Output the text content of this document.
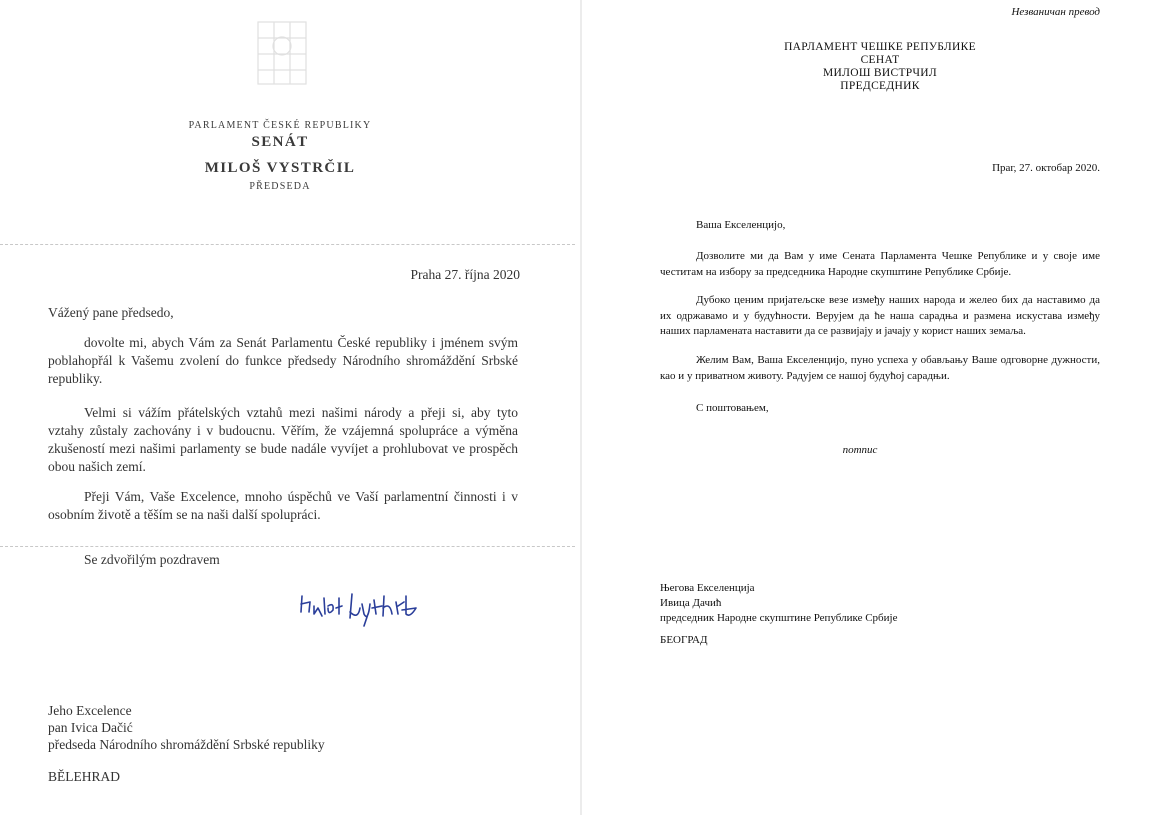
PARLAMENT ČESKÉ REPUBLIKY
SENÁT
MILOŠ VYSTRČIL
PŘEDSEDA
Praha 27. října 2020
Vážený pane předsedo,

dovolte mi, abych Vám za Senát Parlamentu České republiky i jménem svým poblahopřál k Vašemu zvolení do funkce předsedy Národního shromáždění Srbské republiky.

Velmi si vážím přátelských vztahů mezi našimi národy a přeji si, aby tyto vztahy zůstaly zachovány i v budoucnu. Věřím, že vzájemná spolupráce a výměna zkušeností mezi našimi parlamenty se bude nadále vyvíjet a prohlubovat ve prospěch obou našich zemí.

Přeji Vám, Vaše Excelence, mnoho úspěchů ve Vaší parlamentní činnosti i v osobním životě a těším se na naši další spolupráci.

Se zdvořilým pozdravem
Jeho Excelence
pan Ivica Dačić
předseda Národního shromáždění Srbské republiky
BĚLEHRAD
Незваничан превод
ПАРЛАМЕНТ ЧЕШКЕ РЕПУБЛИКЕ
СЕНАТ
МИЛОШ ВИСТРЧИЛ
ПРЕДСЕДНИК
Праг, 27. октобар 2020.
Ваша Екселенцијо,

Дозволите ми да Вам у име Сената Парламента Чешке Републике и у своје име честитам на избору за председника Народне скупштине Републике Србије.

Дубоко ценим пријатељске везе између наших народа и желео бих да наставимо да их одржавамо и у будућности. Верујем да ће наша сарадња и размена искустава између наших парламената наставити да се развијају и јачају у корист наших земаља.

Желим Вам, Ваша Екселенцијо, пуно успеха у обављању Ваше одговорне дужности, као и у приватном животу. Радујем се нашој будућој сарадњи.

С поштовањем,
потпис
Његова Екселенција
Ивица Дачић
председник Народне скупштине Републике Србије
БЕОГРАД
